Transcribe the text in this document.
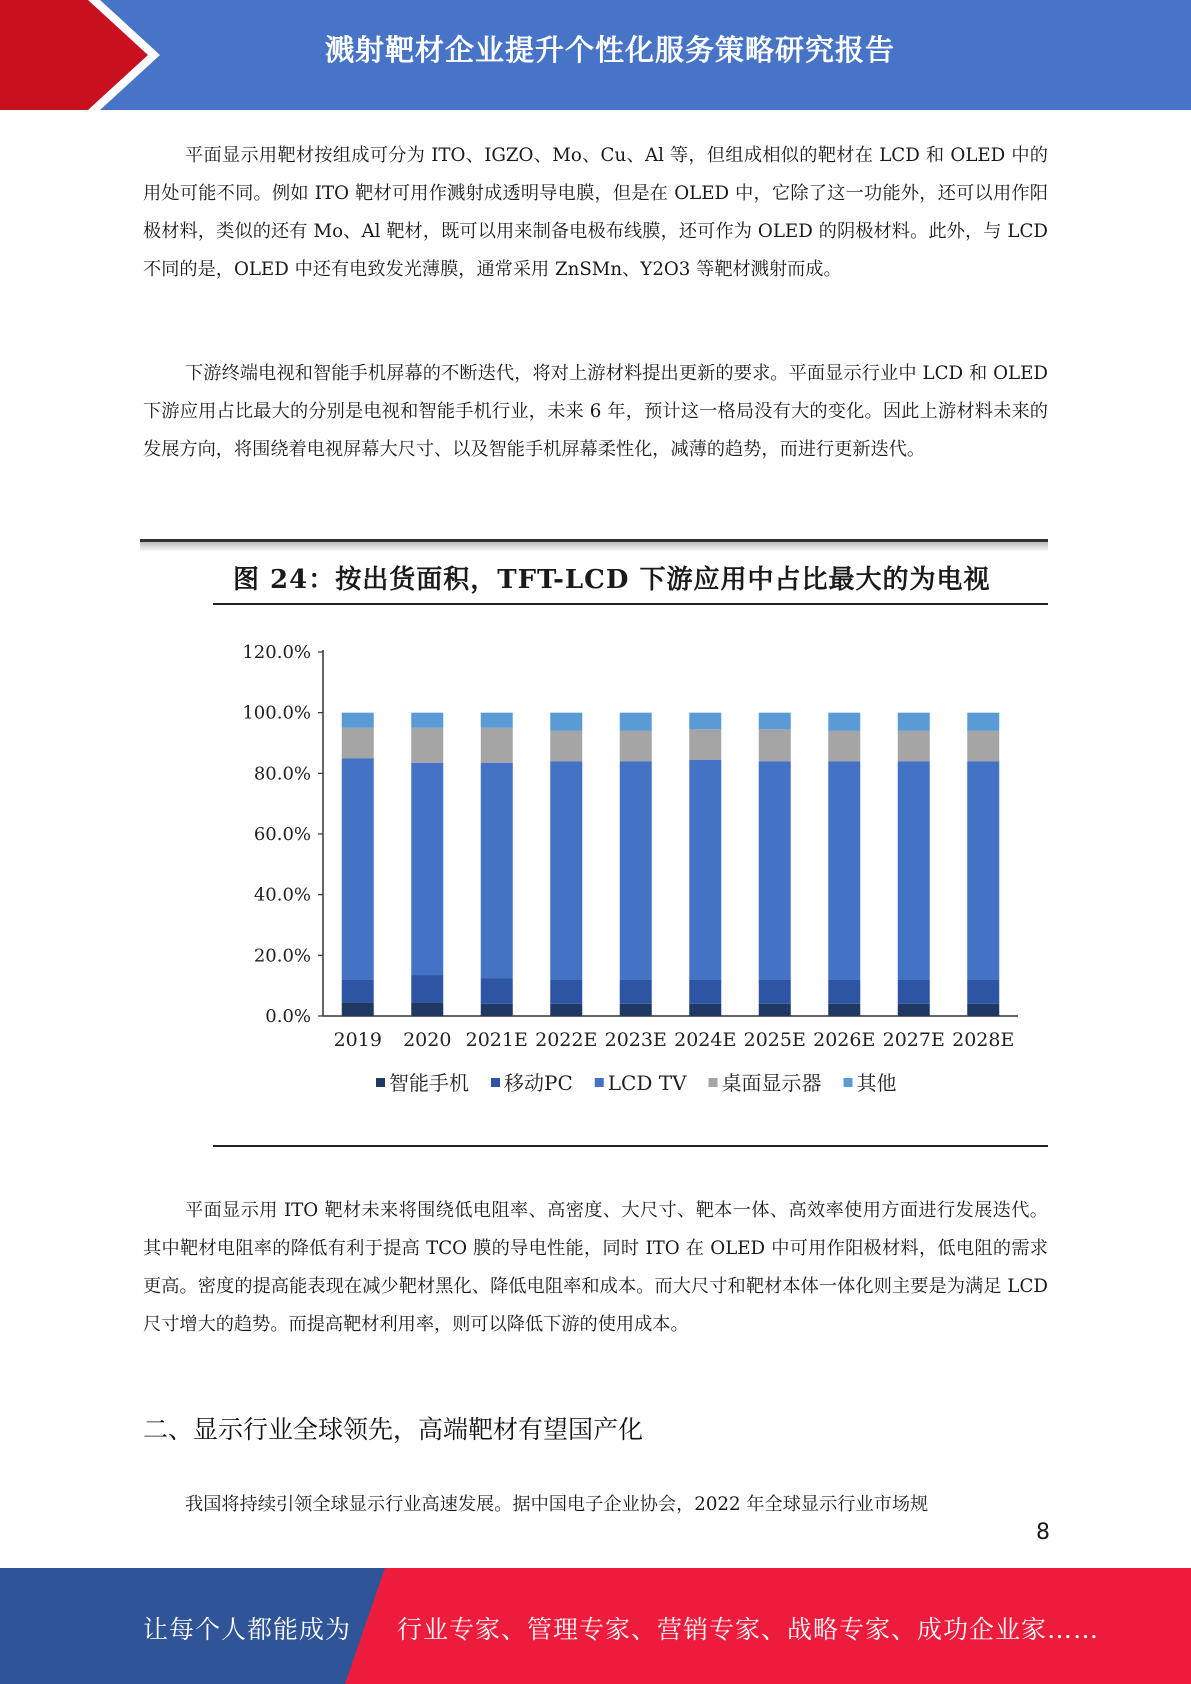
溅射靶材企业提升个性化服务策略研究报告

平面显示用靶材按组成可分为 ITO、IGZO、Mo、Cu、Al 等，但组成相似的靶材在 LCD 和 OLED 中的用处可能不同。例如 ITO 靶材可用作溅射成透明导电膜，但是在 OLED 中，它除了这一功能外，还可以用作阳极材料，类似的还有 Mo、Al 靶材，既可以用来制备电极布线膜，还可作为 OLED 的阴极材料。此外，与 LCD 不同的是，OLED 中还有电致发光薄膜，通常采用 ZnSMn、Y2O3 等靶材溅射而成。

下游终端电视和智能手机屏幕的不断迭代，将对上游材料提出更新的要求。平面显示行业中 LCD 和 OLED 下游应用占比最大的分别是电视和智能手机行业，未来 6 年，预计这一格局没有大的变化。因此上游材料未来的发展方向，将围绕着电视屏幕大尺寸、以及智能手机屏幕柔性化，减薄的趋势，而进行更新迭代。

图 24：按出货面积，TFT-LCD 下游应用中占比最大的为电视
0.0%
20.0%
40.0%
60.0%
80.0%
100.0%
120.0%
2019 2020 2021E 2022E 2023E 2024E 2025E 2026E 2027E 2028E
智能手机 移动PC LCD TV 桌面显示器 其他

平面显示用 ITO 靶材未来将围绕低电阻率、高密度、大尺寸、靶本一体、高效率使用方面进行发展迭代。其中靶材电阻率的降低有利于提高 TCO 膜的导电性能，同时 ITO 在 OLED 中可用作阳极材料，低电阻的需求更高。密度的提高能表现在减少靶材黑化、降低电阻率和成本。而大尺寸和靶材本体一体化则主要是为满足 LCD 尺寸增大的趋势。而提高靶材利用率，则可以降低下游的使用成本。

二、显示行业全球领先，高端靶材有望国产化

我国将持续引领全球显示行业高速发展。据中国电子企业协会，2022 年全球显示行业市场规

8
让每个人都能成为 行业专家、管理专家、营销专家、战略专家、成功企业家……
